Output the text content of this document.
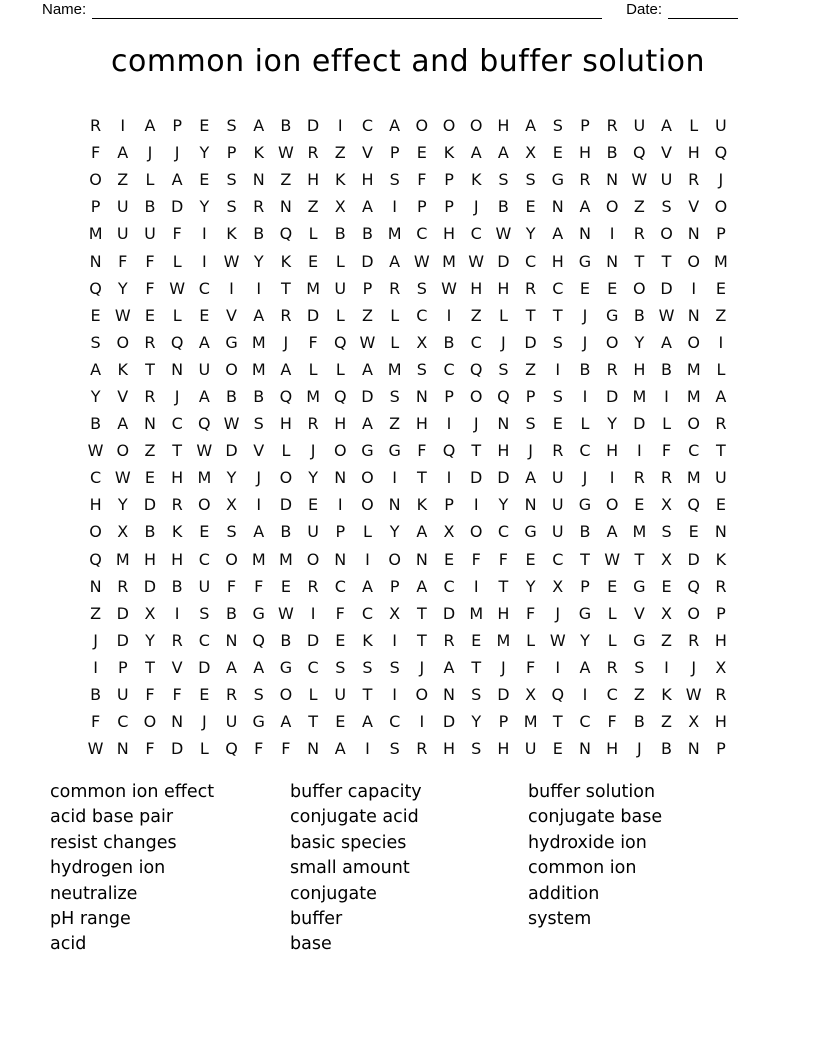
Name:	Date:
common ion effect and buffer solution
R	I	A	P	E	S	A	B D	I	C	A O O O H A	S	P	R U A	L	U
F	A	J	J	Y	P	K W R	Z	V	P	E	K	A	A	X	E	H B Q V H Q
O Z	L	A	E	S	N Z H K H	S	F	P	K	S	S G R N W U R	J
P	U B D	Y	S	R N Z	X	A	I	P	P	J	B	E	N A O Z	S	V O
M U U	F	I	K	B Q	L	B	B M C H C W Y	A N	I	R O N	P
N	F	F	L	I	W Y	K	E	L	D A W M W D C H G N	T	T	O M
Q	Y	F W C	I	I	T M U	P	R	S W H H R	C	E	E O D	I	E
E W E	L	E	V	A	R D	L	Z	L	C	I	Z	L	T	T	J	G B W N Z
S O R Q A G M	J	F	Q W L	X	B	C	J	D S	J	O	Y	A O	I
A	K	T	N U O M A	L	L	A M S	C Q S	Z	I	B	R H B M L
Y	V	R	J	A	B	B Q M Q D S	N	P	O Q	P	S	I	D M	I	M A
B	A N C Q W S	H R H A	Z H	I	J	N	S	E	L	Y	D	L	O R
W O Z	T W D V	L	J	O G G	F	Q	T	H	J	R	C H	I	F	C	T
C W E	H M Y	J	O	Y	N O	I	T	I	D D A U	J	I	R	R M U
H	Y	D R O X	I	D E	I	O N K	P	I	Y	N U G O E	X Q E
O X	B	K	E	S	A	B U	P	L	Y	A	X O C G U B	A M S	E	N
Q M H H C O M M O N	I	O N	E	F	F	E	C	T W T	X D K
N R D B U	F	F	E	R	C	A	P	A	C	I	T	Y	X	P	E G E Q R
Z D X	I	S	B G W	I	F	C	X	T	D M H	F	J	G	L	V	X O	P
J	D	Y	R	C N Q B D E	K	I	T	R	E M L W Y	L	G Z	R H
I	P	T	V D A	A G C	S	S	S	J	A	T	J	F	I	A	R	S	I	J	X
B U	F	F	E	R	S O	L	U	T	I	O N	S D X Q	I	C	Z	K W R
F	C O N	J	U G A	T	E	A	C	I	D	Y	P M T	C	F	B	Z	X H
W N	F	D	L	Q	F	F	N A	I	S	R H	S	H U	E	N H	J	B N	P
common ion effect
acid base pair
resist changes
hydrogen ion
neutralize
pH range
acid
buffer capacity
conjugate acid
basic species
small amount
conjugate
buffer
base
buffer solution
conjugate base
hydroxide ion
common ion
addition
system
